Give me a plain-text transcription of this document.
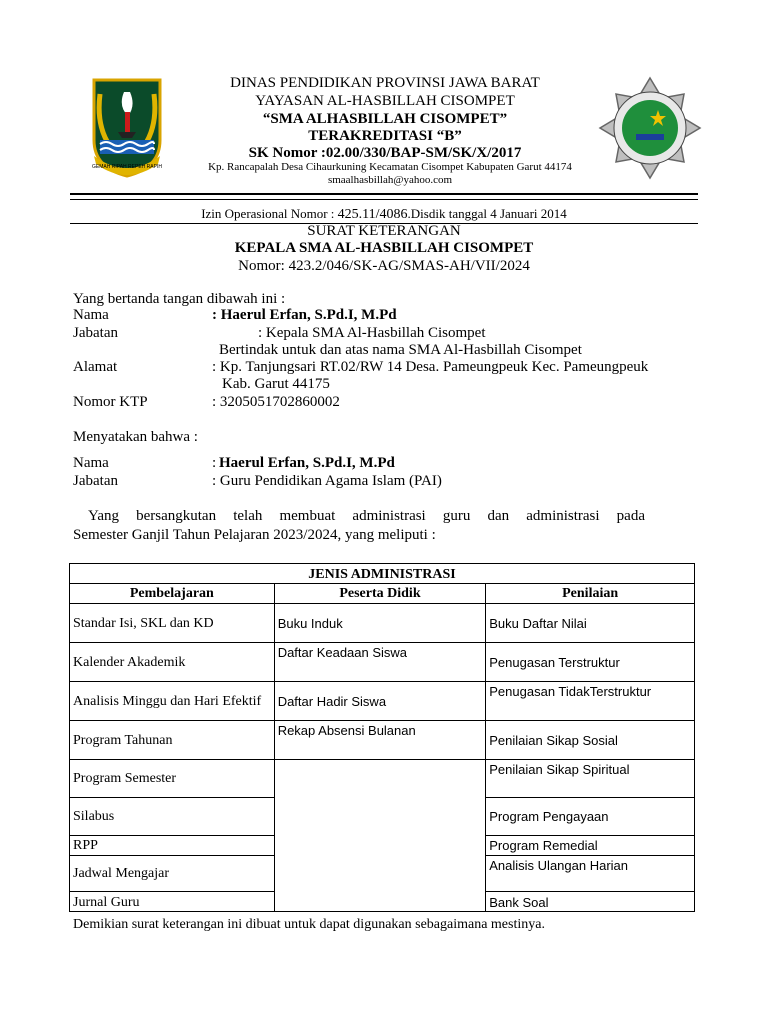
GEMAH RIPAH REPEH RAPIH
DINAS PENDIDIKAN PROVINSI JAWA BARAT
YAYASAN AL-HASBILLAH CISOMPET
“SMA ALHASBILLAH CISOMPET”
TERAKREDITASI “B”
SK Nomor :02.00/330/BAP-SM/SK/X/2017
Kp. Rancapalah Desa Cihaurkuning Kecamatan Cisompet Kabupaten Garut 44174
smaalhasbillah@yahoo.com
Izin Operasional Nomor : 425.11/4086.Disdik tanggal 4 Januari 2014
SURAT KETERANGAN
KEPALA SMA AL-HASBILLAH CISOMPET
Nomor: 423.2/046/SK-AG/SMAS-AH/VII/2024
Yang bertanda tangan dibawah ini :
Nama	: Haerul Erfan, S.Pd.I, M.Pd
Jabatan	: Kepala SMA Al-Hasbillah Cisompet
Bertindak untuk dan atas nama SMA Al-Hasbillah Cisompet
Alamat	: Kp. Tanjungsari RT.02/RW 14 Desa. Pameungpeuk Kec. Pameungpeuk
Kab. Garut 44175
Nomor KTP	: 3205051702860002
Menyatakan bahwa :
Nama	: Haerul Erfan, S.Pd.I, M.Pd
Jabatan	: Guru Pendidikan Agama Islam (PAI)
Yang bersangkutan telah membuat administrasi guru dan administrasi pada
Semester Ganjil Tahun Pelajaran 2023/2024, yang meliputi :
JENIS ADMINISTRASI		
Pembelajaran	Peserta Didik	Penilaian
Standar Isi, SKL dan KD	Buku Induk	Buku Daftar Nilai
Kalender Akademik	Daftar Keadaan Siswa	Penugasan Terstruktur
Analisis Minggu dan Hari Efektif	Daftar Hadir Siswa	Penugasan TidakTerstruktur
Program Tahunan	Rekap Absensi Bulanan	Penilaian Sikap Sosial
Program Semester		Penilaian Sikap Spiritual
Silabus		Program Pengayaan
RPP		Program Remedial
Jadwal Mengajar		Analisis Ulangan Harian
Jurnal Guru		Bank Soal
Demikian surat keterangan ini dibuat untuk dapat digunakan sebagaimana mestinya.
